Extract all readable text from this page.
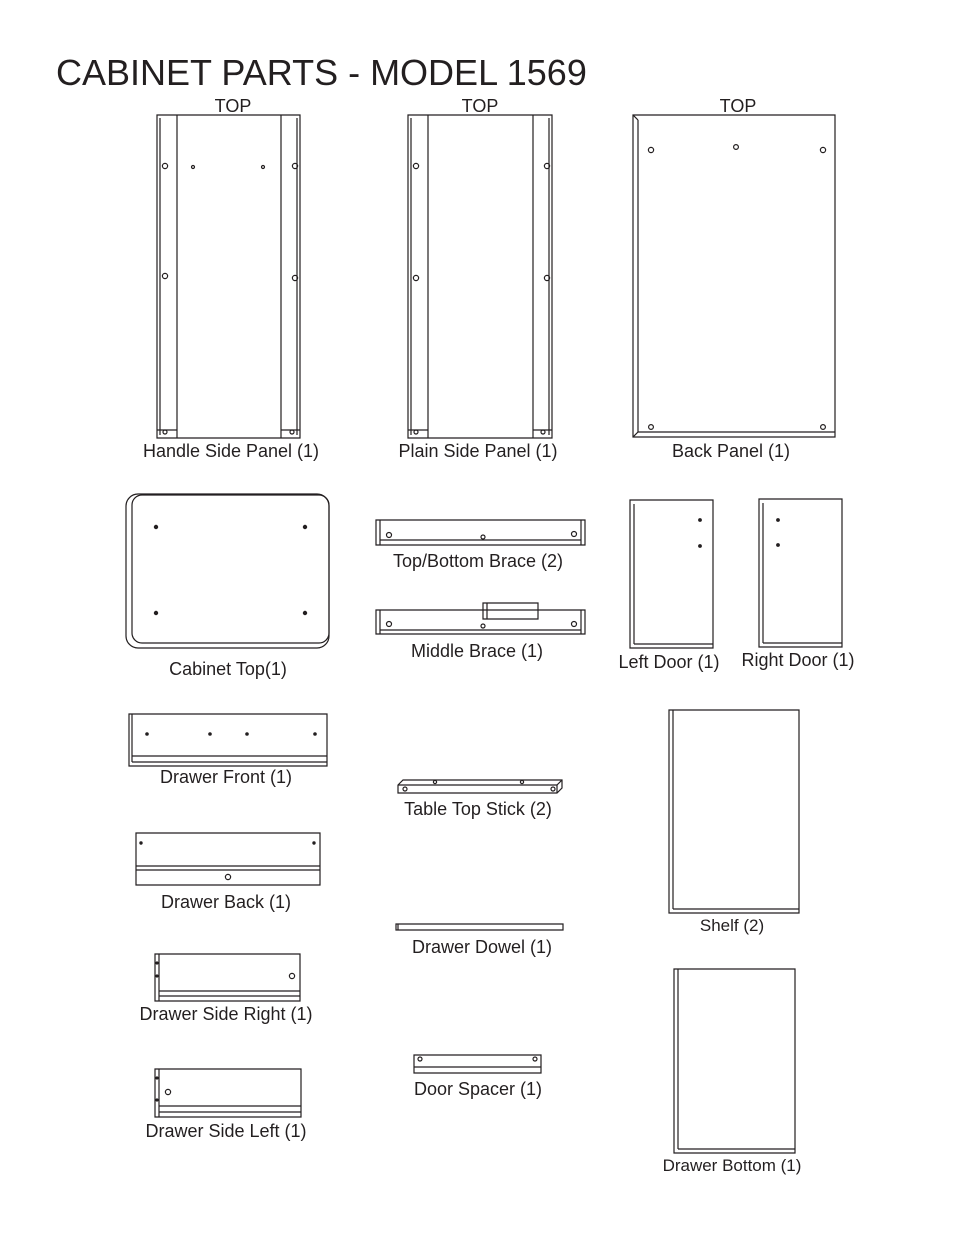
CABINET PARTS - MODEL 1569
TOP	TOP	TOP
Handle Side Panel (1)	Plain Side Panel (1)	Back Panel (1)
Cabinet Top(1)
Top/Bottom Brace (2)
Middle Brace (1)
Left Door (1) Right Door (1)
Drawer Front (1)
Table Top Stick (2)
Shelf (2)
Drawer Back (1)
Drawer Dowel (1)
Drawer Side Right (1)
Door Spacer (1)
Drawer Side Left (1)
Drawer Bottom (1)
